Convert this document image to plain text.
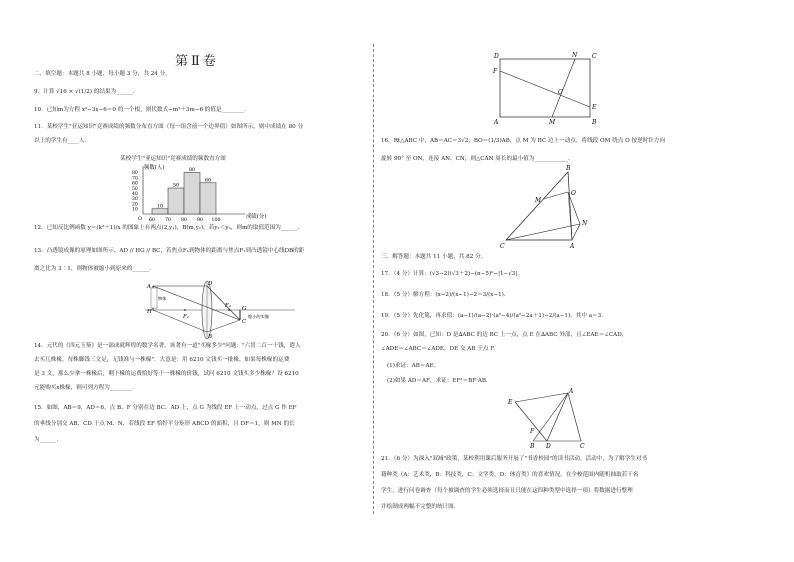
第Ⅱ卷
二、填空题：本题共 8 小题，每小题 3 分，共 24 分。
9．计算 √16 × √(1/2) 的结果为______.
10．已知m为方程 x²−3x−6＝0 的一个根，则代数式−m²＋3m−6 的值是________.
11．某校学生"亚运知识"竞赛成绩的频数分布直方图（每一组含前一个边界值）如图所示，则中成绩在 80 分
以上的学生有____人.
某校学生"亚运知识"竞赛成绩的频数直方图
频数(人)
80
70
60
50
40
30
20
10
10
50
80
60
60 70 80 90 100
O	成绩(分)
12．已知反比例函数 y＝(k²＋1)/x 的图象上有两点(2,y₁)，B(m,y₂)，若y₁＜y₂，则m的取值范围为______.
13．凸透镜成像的原理如图所示，AD // HG // BC，若焦点F₁到物体的距离与焦点F₁到凸透镜中心线DB的距
离之比为 3∶1，则物体被缩小到原来的______.
A	D
H
F₁
F₂ G
C
B
物体
缩小的实像
14．元代的《四元玉鉴》是一部成就辉煌的数学名著，该著有一道"买椽多少"问题："六贯二百一十钱，遣人
去买几株椽，每株脚钱三文足，无钱准与一株椽"．大意是：用 6210 文钱买一批椽，如果每株椽的运费
是 3 文，那么少拿一株椽后，剩下椽的运费恰好等于一株椽的价钱，试问 6210 文钱买多少株椽？设 6210
元能购买x株椽，则可列方程为________.
15．如图，AB＝9，AD＝6，点 B、F 分别在边 BC、AD 上，点 G 为线段 EF 上一动点，过点 G 作 EF
的垂线分别交 AB、CD 于点 M、N，若线段 EF 恰好平分矩形 ABCD 的面积，且 DF＝1，则 MN 的长
为______.
D	N C
F
G
E
A	M	B
16．Rt△ABC 中，AB＝AC＝3√2，BO＝(1/3)AB，点 M 为 BC 边上一动点，将线段 OM 绕点 O 按逆时针方向
旋转 90° 至 ON，连接 AN、CN，则△CAN 周长的最小值为____________.
B
M
O
N
C	A
三、解答题：本题共 11 小题，共 82 分。
17．（4 分）计算：(√3−2)(√3＋2)−(π−5)⁰−|1−√3|.
18．（5 分）解方程：(x−2)/(x−1)−2＝3/(x−1).
19．（5 分）先化简，再求值：(a−1)/(a−2)·(a²−4)/(a²−2a＋1)−2/(a−1)，其中 a＝3.
20．（6 分）如图，已知：D 是∆ABC 的边 BC 上一点，点 E 在∆ABC 外部，且∠EAE＝∠CAD，
∠ADE＝∠ABC＝∠ADE，DE 交 AB 于点 F.
(1)求证：AB＝AE；
(2)如果 AD＝AF，求证：EF²＝BF·AB.
E
A
F
B D	C
21．（6 分）为深入"双减"政策，某校利用课后服务开展了"书香校园"的读书活动，活动中，为了解学生对书
籍种类（A：艺术类，B：科技类，C：文学类，D：体育类）的喜欢情况，在全校范围内随机抽取若干名
学生，进行问卷调查（每个被调查的学生必须选择而且只能在这四种类型中选择一项）将数据进行整理
并绘制成两幅不完整的统计图.
